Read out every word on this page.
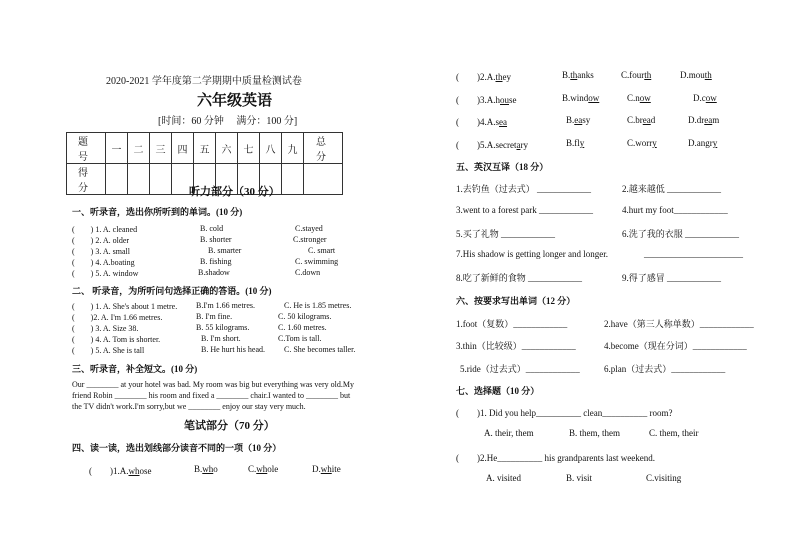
2020-2021 学年度第二学期期中质量检测试卷
六年级英语
[时间：60 分钟　 满分：100 分]
题　号	一	二	三	四	五	六	七	八	九	总　分
得　分											听力部分（30 分）
一、听录音，选出你所听到的单词。(10 分)
(　　) 1. A. cleaned	B. cold	C.stayed
(　　) 2. A. older	B. shorter	C.stronger
(　　) 3. A. small	B. smarter	C. smart
(　　) 4. A.boating	B. fishing	C. swimming
(　　) 5. A. window	B.shadow	C.down
二、 听录音，为所听问句选择正确的答语。(10 分)
(　　) 1. A. She's about 1 metre. B.I'm 1.66 metres.	C. He is 1.85 metres.
(　　)2. A. I'm 1.66 metres.	B. I'm fine.	C. 50 kilograms.
(　　) 3. A. Size 38.	B. 55 kilograms.	C. 1.60 metres.
(　　) 4. A. Tom is shorter.	B. I'm short.	C.Tom is tall.
(　　) 5. A. She is tall	B. He hurt his head. C. She becomes taller.
三、听录音，补全短文。(10 分)
Our ________ at your hotel was bad. My room was big but everything was very old.My
friend Robin ________ his room and fixed a ________ chair.I wanted to ________ but
the TV didn't work.I'm sorry,but we ________ enjoy our stay very much.
笔试部分（70 分）
四、读一读，选出划线部分读音不同的一项（10 分）
(　　)1.A.whose	B.who	C.whole	D.white
(　　)2.A.they	B.thanks	C.fourth	D.mouth
(　　)3.A.house	B.window	C.now	D.cow
(　　)4.A.sea	B.easy	C.bread	D.dream
(　　)5.A.secretary	B.fly	C.worry	D.angry
五、英汉互译（18 分）
1.去钓鱼（过去式） ____________	2.越来越低 ____________
3.went to a forest park ____________	4.hurt my foot____________
5.买了礼物 ____________	6.洗了我的衣服 ____________
7.His shadow is getting longer and longer.	______________________
8.吃了新鲜的食物 ____________	9.得了感冒 ____________
六、按要求写出单词（12 分）
1.foot（复数）____________	2.have（第三人称单数）____________
3.thin（比较级）____________	4.become（现在分词）____________
5.ride（过去式）____________	6.plan（过去式）____________
七、选择题（10 分）
(　　)1. Did you help__________ clean__________ room?
A. their, them	B. them, them	C. them, their
(　　)2.He__________ his grandparents last weekend.
A. visited	B. visit	C.visiting
